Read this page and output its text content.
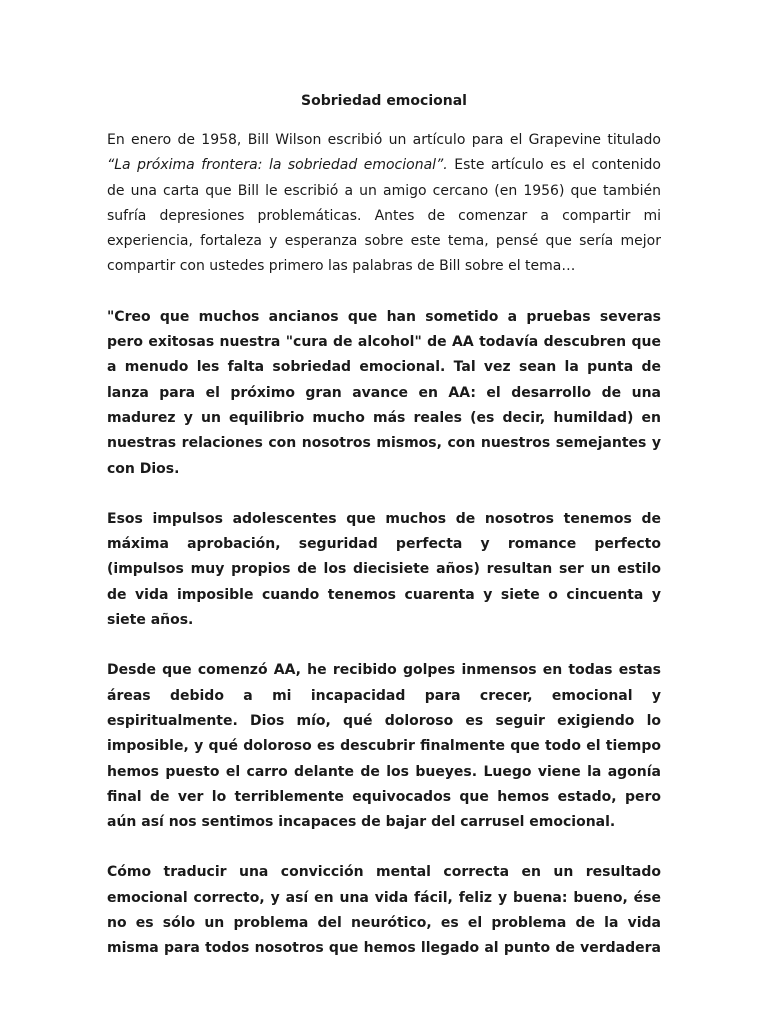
Sobriedad emocional

En enero de 1958, Bill Wilson escribió un artículo para el Grapevine titulado “La próxima frontera: la sobriedad emocional”. Este artículo es el contenido de una carta que Bill le escribió a un amigo cercano (en 1956) que también sufría depresiones problemáticas. Antes de comenzar a compartir mi experiencia, fortaleza y esperanza sobre este tema, pensé que sería mejor compartir con ustedes primero las palabras de Bill sobre el tema…

"Creo que muchos ancianos que han sometido a pruebas severas pero exitosas nuestra "cura de alcohol" de AA todavía descubren que a menudo les falta sobriedad emocional. Tal vez sean la punta de lanza para el próximo gran avance en AA: el desarrollo de una madurez y un equilibrio mucho más reales (es decir, humildad) en nuestras relaciones con nosotros mismos, con nuestros semejantes y con Dios.

Esos impulsos adolescentes que muchos de nosotros tenemos de máxima aprobación, seguridad perfecta y romance perfecto (impulsos muy propios de los diecisiete años) resultan ser un estilo de vida imposible cuando tenemos cuarenta y siete o cincuenta y siete años.

Desde que comenzó AA, he recibido golpes inmensos en todas estas áreas debido a mi incapacidad para crecer, emocional y espiritualmente. Dios mío, qué doloroso es seguir exigiendo lo imposible, y qué doloroso es descubrir finalmente que todo el tiempo hemos puesto el carro delante de los bueyes. Luego viene la agonía final de ver lo terriblemente equivocados que hemos estado, pero aún así nos sentimos incapaces de bajar del carrusel emocional.

Cómo traducir una convicción mental correcta en un resultado emocional correcto, y así en una vida fácil, feliz y buena: bueno, ése no es sólo un problema del neurótico, es el problema de la vida misma para todos nosotros que hemos llegado al punto de verdadera
